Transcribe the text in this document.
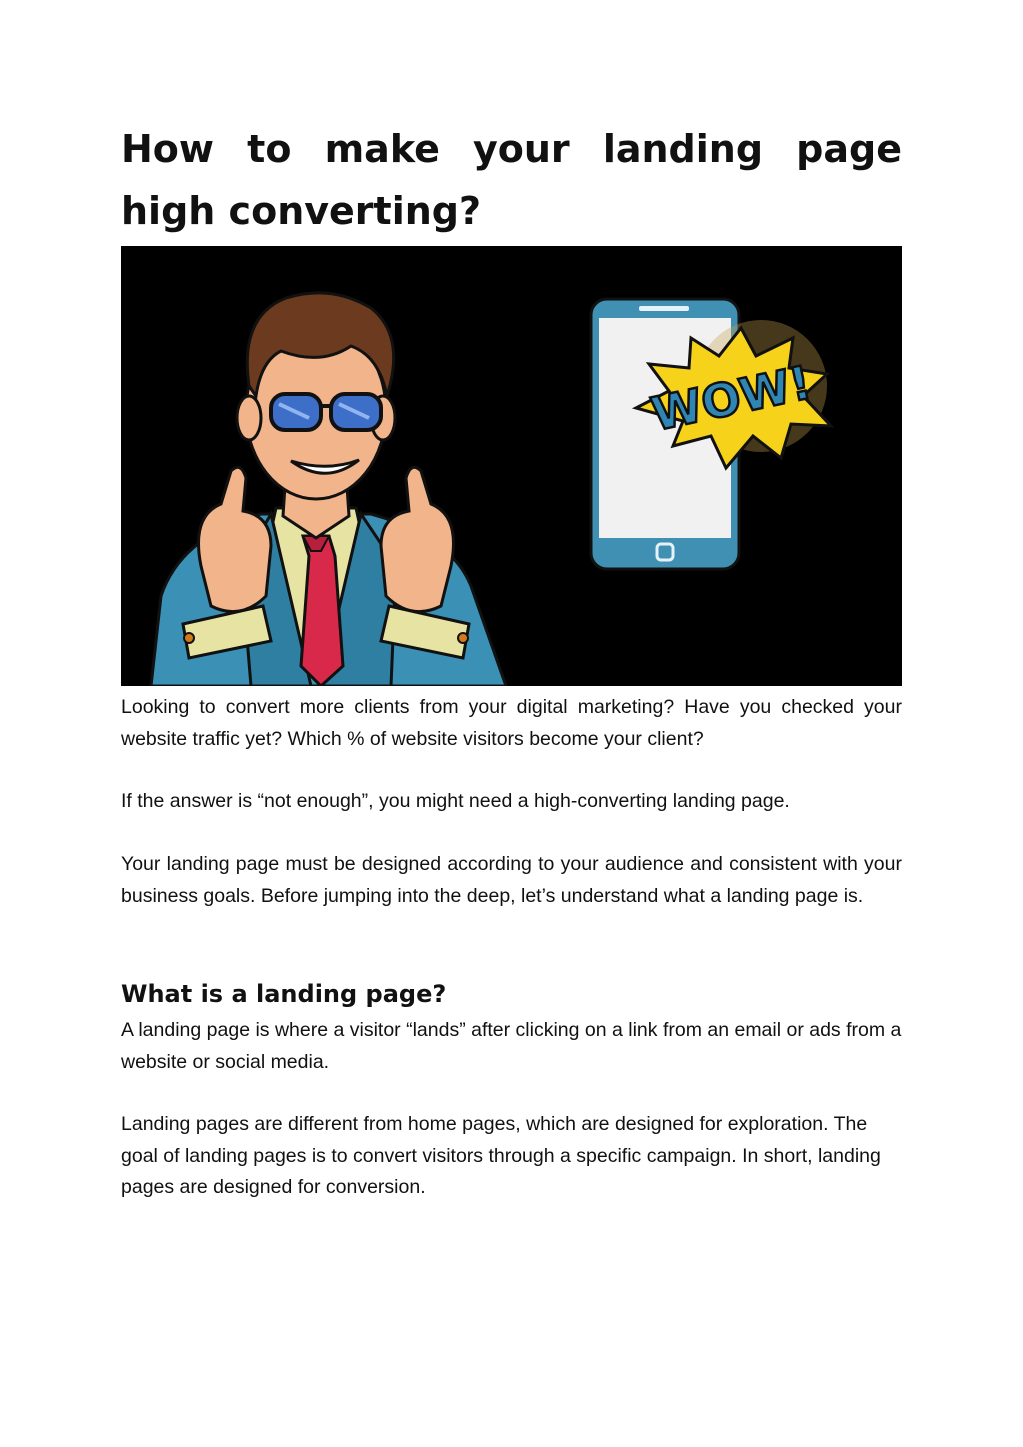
How to make your landing page high converting?
WOW!

Looking to convert more clients from your digital marketing? Have you checked your website traffic yet? Which % of website visitors become your client?

If the answer is “not enough”, you might need a high-converting landing page.

Your landing page must be designed according to your audience and consistent with your business goals. Before jumping into the deep, let’s understand what a landing page is.

What is a landing page?

A landing page is where a visitor “lands” after clicking on a link from an email or ads from a website or social media.

Landing pages are different from home pages, which are designed for exploration. The goal of landing pages is to convert visitors through a specific campaign. In short, landing pages are designed for conversion.
